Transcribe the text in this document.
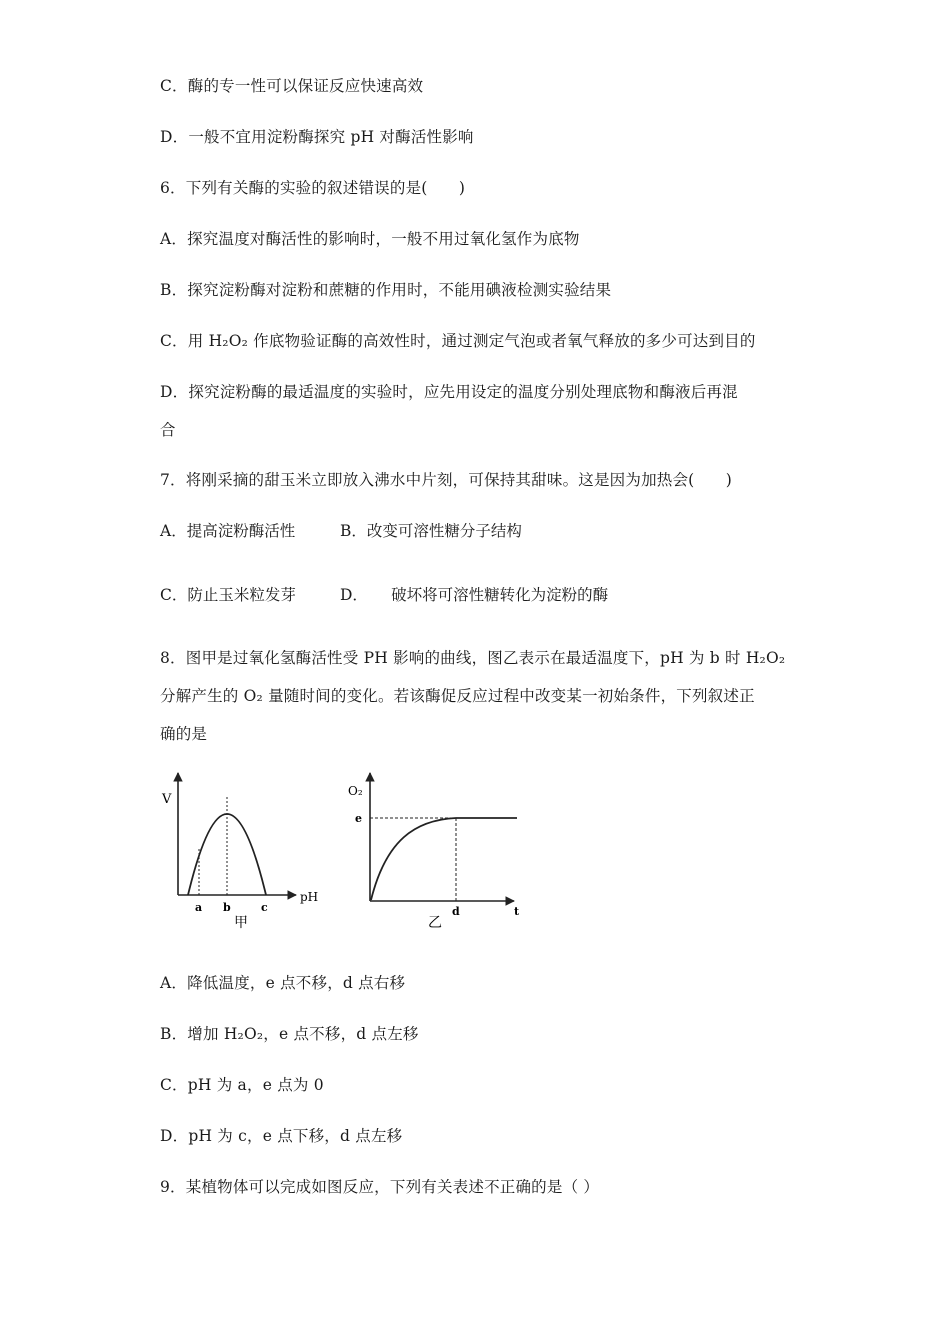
C．酶的专一性可以保证反应快速高效
D．一般不宜用淀粉酶探究 pH 对酶活性影响
6．下列有关酶的实验的叙述错误的是(　　)
A．探究温度对酶活性的影响时，一般不用过氧化氢作为底物
B．探究淀粉酶对淀粉和蔗糖的作用时，不能用碘液检测实验结果
C．用 H₂O₂ 作底物验证酶的高效性时，通过测定气泡或者氧气释放的多少可达到目的
D．探究淀粉酶的最适温度的实验时，应先用设定的温度分别处理底物和酶液后再混
合
7．将刚采摘的甜玉米立即放入沸水中片刻，可保持其甜味。这是因为加热会(　　)
A．提高淀粉酶活性	B．改变可溶性糖分子结构
C．防止玉米粒发芽	D．　　破坏将可溶性糖转化为淀粉的酶
8．图甲是过氧化氢酶活性受 PH 影响的曲线，图乙表示在最适温度下，pH 为 b 时 H₂O₂
分解产生的 O₂ 量随时间的变化。若该酶促反应过程中改变某一初始条件，下列叙述正
确的是
V
pH
a b	c
甲
O₂
e
d	t
乙
A．降低温度，e 点不移，d 点右移
B．增加 H₂O₂，e 点不移，d 点左移
C．pH 为 a，e 点为 0
D．pH 为 c，e 点下移，d 点左移
9．某植物体可以完成如图反应，下列有关表述不正确的是（ ）
